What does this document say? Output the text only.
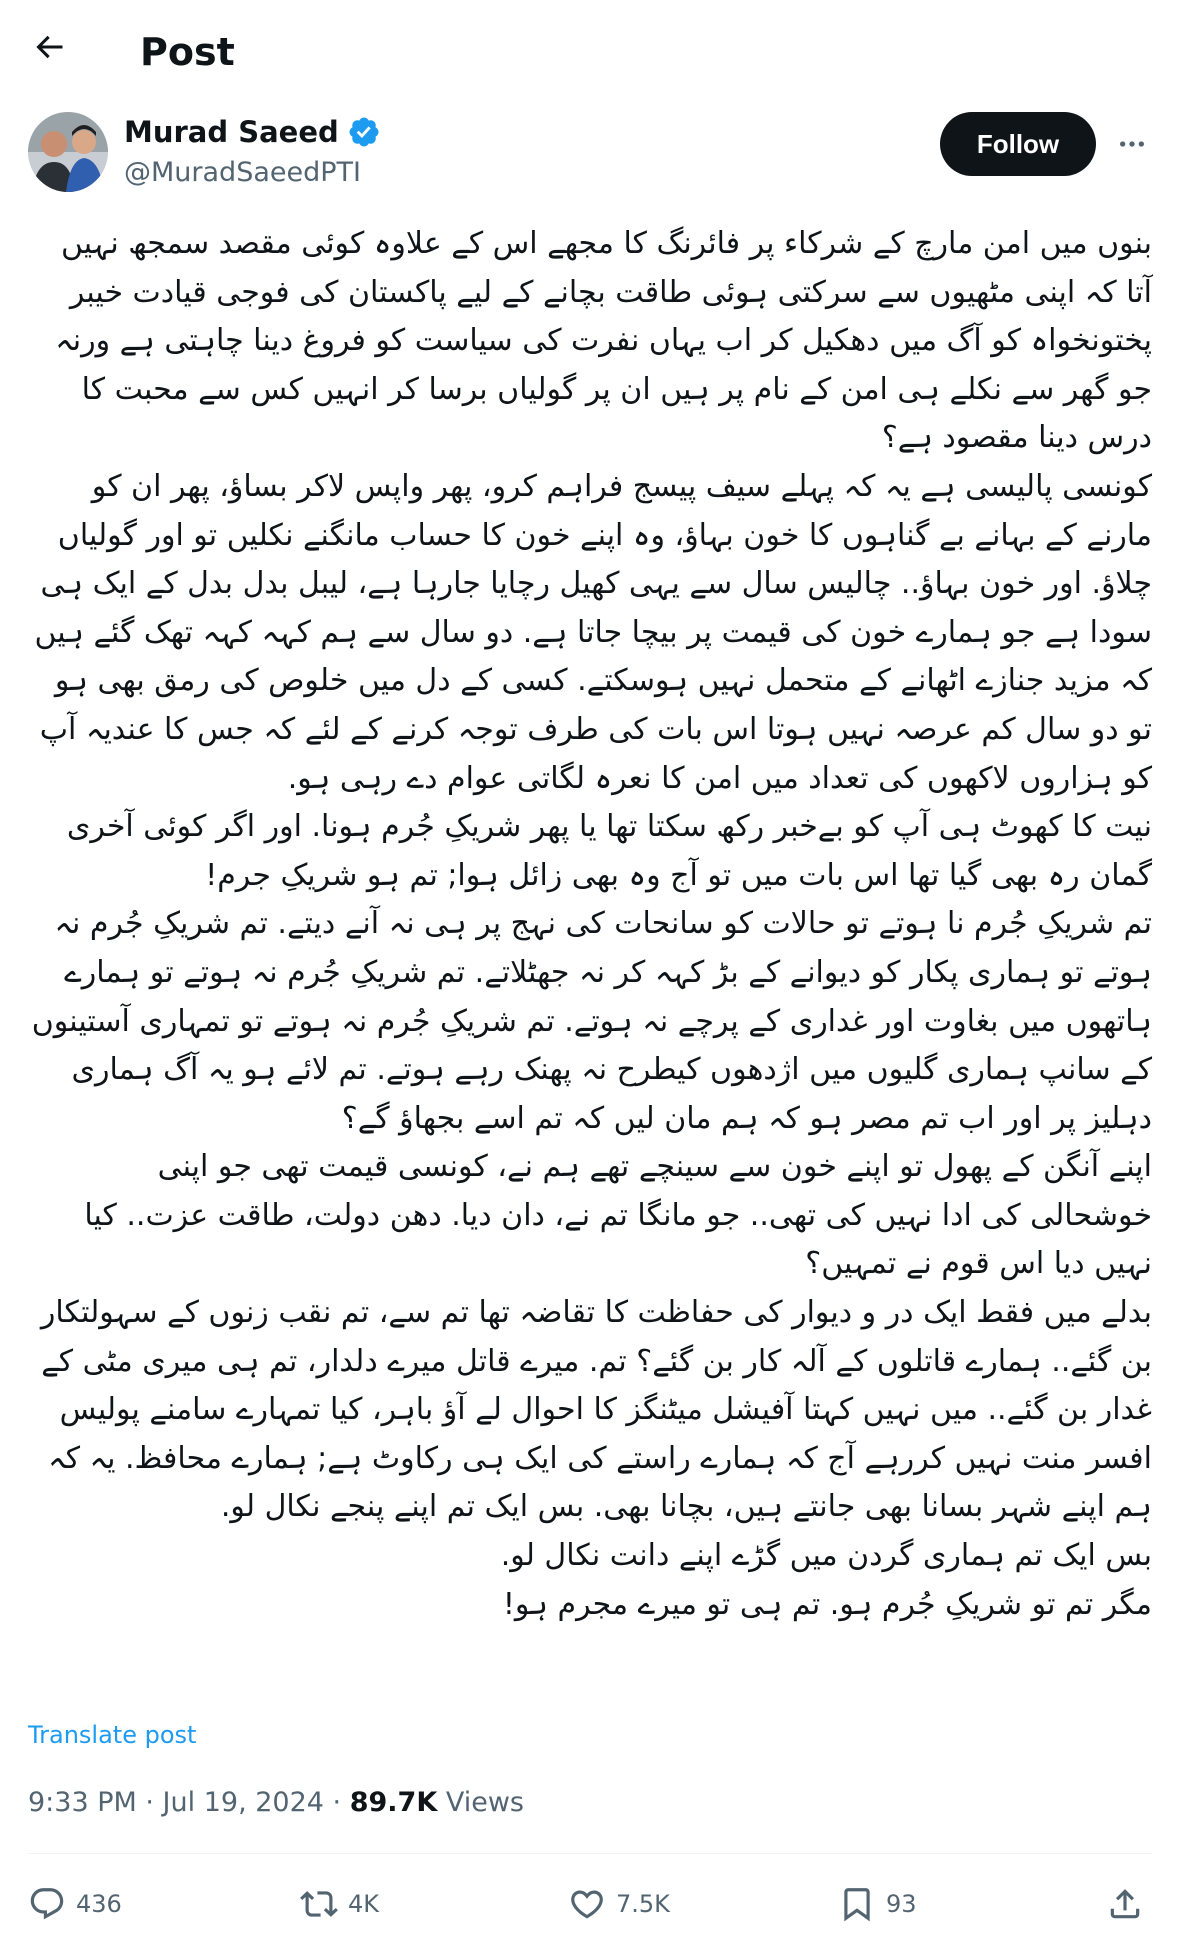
Post
Murad Saeed
@MuradSaeedPTI
Follow

بنوں میں امن مارچ کے شرکاء پر فائرنگ کا مجھے اس کے علاوہ کوئی مقصد سمجھ نہیں آتا کہ اپنی مٹھیوں سے سرکتی ہوئی طاقت بچانے کے لیے پاکستان کی فوجی قیادت خیبر پختونخواہ کو آگ میں دھکیل کر اب یہاں نفرت کی سیاست کو فروغ دینا چاہتی ہے ورنہ جو گھر سے نکلے ہی امن کے نام پر ہیں ان پر گولیاں برسا کر انہیں کس سے محبت کا درس دینا مقصود ہے؟

کونسی پالیسی ہے یہ کہ پہلے سیف پیسج فراہم کرو، پھر واپس لاکر بساؤ، پھر ان کو مارنے کے بہانے بے گناہوں کا خون بہاؤ، وہ اپنے خون کا حساب مانگنے نکلیں تو اور گولیاں چلاؤ. اور خون بہاؤ.. چالیس سال سے یہی کھیل رچایا جارہا ہے، لیبل بدل بدل کے ایک ہی سودا ہے جو ہمارے خون کی قیمت پر بیچا جاتا ہے. دو سال سے ہم کہہ کہہ تھک گئے ہیں کہ مزید جنازے اٹھانے کے متحمل نہیں ہوسکتے. کسی کے دل میں خلوص کی رمق بھی ہو تو دو سال کم عرصہ نہیں ہوتا اس بات کی طرف توجہ کرنے کے لئے کہ جس کا عندیہ آپ کو ہزاروں لاکھوں کی تعداد میں امن کا نعرہ لگاتی عوام دے رہی ہو.

نیت کا کھوٹ ہی آپ کو بےخبر رکھ سکتا تھا یا پھر شریکِ جُرم ہونا. اور اگر کوئی آخری گمان رہ بھی گیا تھا اس بات میں تو آج وہ بھی زائل ہوا; تم ہو شریکِ جرم!

تم شریکِ جُرم نا ہوتے تو حالات کو سانحات کی نہج پر ہی نہ آنے دیتے. تم شریکِ جُرم نہ ہوتے تو ہماری پکار کو دیوانے کے بڑ کہہ کر نہ جھٹلاتے. تم شریکِ جُرم نہ ہوتے تو ہمارے ہاتھوں میں بغاوت اور غداری کے پرچے نہ ہوتے. تم شریکِ جُرم نہ ہوتے تو تمہاری آستینوں کے سانپ ہماری گلیوں میں اژدھوں کیطرح نہ پھنک رہے ہوتے. تم لائے ہو یہ آگ ہماری دہلیز پر اور اب تم مصر ہو کہ ہم مان لیں کہ تم اسے بجھاؤ گے؟

اپنے آنگن کے پھول تو اپنے خون سے سینچے تھے ہم نے، کونسی قیمت تھی جو اپنی خوشحالی کی ادا نہیں کی تھی.. جو مانگا تم نے، دان دیا. دھن دولت، طاقت عزت.. کیا نہیں دیا اس قوم نے تمہیں؟

بدلے میں فقط ایک در و دیوار کی حفاظت کا تقاضہ تھا تم سے، تم نقب زنوں کے سہولتکار بن گئے.. ہمارے قاتلوں کے آلہ کار بن گئے؟ تم. میرے قاتل میرے دلدار، تم ہی میری مٹی کے غدار بن گئے.. میں نہیں کہتا آفیشل میٹنگز کا احوال لے آؤ باہر، کیا تمہارے سامنے پولیس افسر منت نہیں کررہے آج کہ ہمارے راستے کی ایک ہی رکاوٹ ہے; ہمارے محافظ. یہ کہ ہم اپنے شہر بسانا بھی جانتے ہیں، بچانا بھی. بس ایک تم اپنے پنجے نکال لو.

بس ایک تم ہماری گردن میں گڑے اپنے دانت نکال لو.

مگر تم تو شریکِ جُرم ہو. تم ہی تو میرے مجرم ہو!

Translate post
9:33 PM · Jul 19, 2024 · 89.7K Views
436	4K	7.5K	93
